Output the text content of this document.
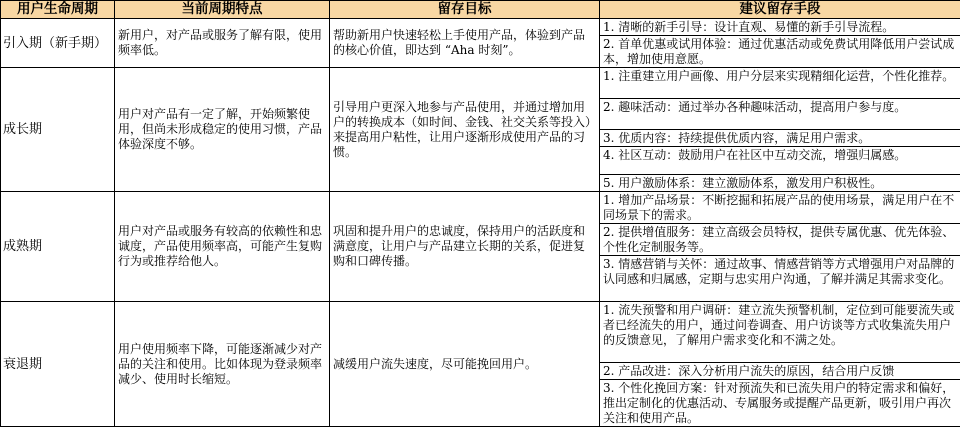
用户生命周期	当前周期特点	留存目标	建议留存手段
引入期（新手期）	新用户，对产品或服务了解有限，使用频率低。	帮助新用户快速轻松上手使用产品，体验到产品的核心价值，即达到 “Aha 时刻”。	1. 清晰的新手引导：设计直观、易懂的新手引导流程。
			2. 首单优惠或试用体验：通过优惠活动或免费试用降低用户尝试成本，增加使用意愿。
成长期	用户对产品有一定了解，开始频繁使用，但尚未形成稳定的使用习惯，产品体验深度不够。	引导用户更深入地参与产品使用，并通过增加用户的转换成本（如时间、金钱、社交关系等投入）来提高用户粘性，让用户逐渐形成使用产品的习惯。	1. 注重建立用户画像、用户分层来实现精细化运营，个性化推荐。
			2. 趣味活动：通过举办各种趣味活动，提高用户参与度。
			3. 优质内容：持续提供优质内容，满足用户需求。
			4. 社区互动：鼓励用户在社区中互动交流，增强归属感。
			5. 用户激励体系：建立激励体系，激发用户积极性。
成熟期	用户对产品或服务有较高的依赖性和忠诚度，产品使用频率高，可能产生复购行为或推荐给他人。	巩固和提升用户的忠诚度，保持用户的活跃度和满意度，让用户与产品建立长期的关系，促进复购和口碑传播。	1. 增加产品场景：不断挖掘和拓展产品的使用场景，满足用户在不同场景下的需求。
			2. 提供增值服务：建立高级会员特权，提供专属优惠、优先体验、个性化定制服务等。
			3. 情感营销与关怀：通过故事、情感营销等方式增强用户对品牌的认同感和归属感，定期与忠实用户沟通，了解并满足其需求变化。
衰退期	用户使用频率下降，可能逐渐减少对产品的关注和使用。比如体现为登录频率减少、使用时长缩短。	减缓用户流失速度，尽可能挽回用户。	1. 流失预警和用户调研：建立流失预警机制，定位到可能要流失或者已经流失的用户，通过问卷调查、用户访谈等方式收集流失用户的反馈意见，了解用户需求变化和不满之处。
			2. 产品改进：深入分析用户流失的原因，结合用户反馈
			3. 个性化挽回方案：针对预流失和已流失用户的特定需求和偏好，推出定制化的优惠活动、专属服务或提醒产品更新，吸引用户再次关注和使用产品。
